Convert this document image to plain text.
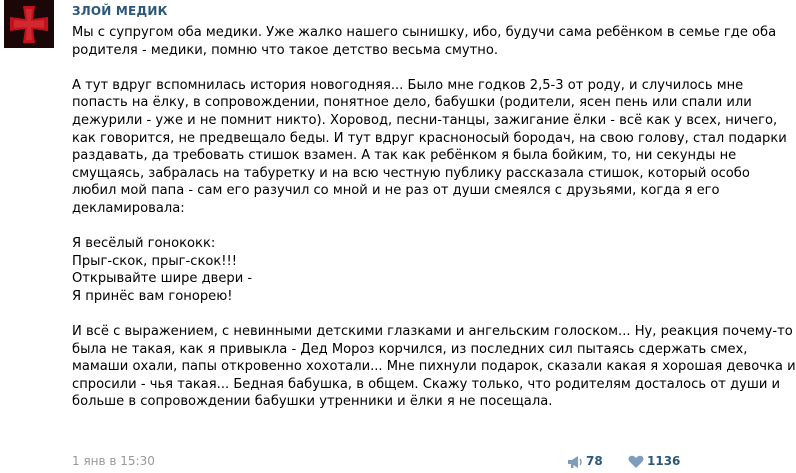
ЗЛОЙ МЕДИК

Мы с супругом оба медики. Уже жалко нашего сынишку, ибо, будучи сама ребёнком в семье где оба
родителя - медики, помню что такое детство весьма смутно.

А тут вдруг вспомнилась история новогодняя... Было мне годков 2,5-3 от роду, и случилось мне
попасть на ёлку, в сопровождении, понятное дело, бабушки (родители, ясен пень или спали или
дежурили - уже и не помнит никто). Хоровод, песни-танцы, зажигание ёлки - всё как у всех, ничего,
как говорится, не предвещало беды. И тут вдруг красноносый бородач, на свою голову, стал подарки
раздавать, да требовать стишок взамен. А так как ребёнком я была бойким, то, ни секунды не
смущаясь, забралась на табуретку и на всю честную публику рассказала стишок, который особо
любил мой папа - сам его разучил со мной и не раз от души смеялся с друзьями, когда я его
декламировала:

Я весёлый гонококк:
Прыг-скок, прыг-скок!!!
Открывайте шире двери -
Я принёс вам гонорею!

И всё с выражением, с невинными детскими глазками и ангельским голоском... Ну, реакция почему-то
была не такая, как я привыкла - Дед Мороз корчился, из последних сил пытаясь сдержать смех,
мамаши охали, папы откровенно хохотали... Мне пихнули подарок, сказали какая я хорошая девочка и
спросили - чья такая... Бедная бабушка, в общем. Скажу только, что родителям досталось от души и
больше в сопровождении бабушки утренники и ёлки я не посещала.

1 янв в 15:30	78	1136
